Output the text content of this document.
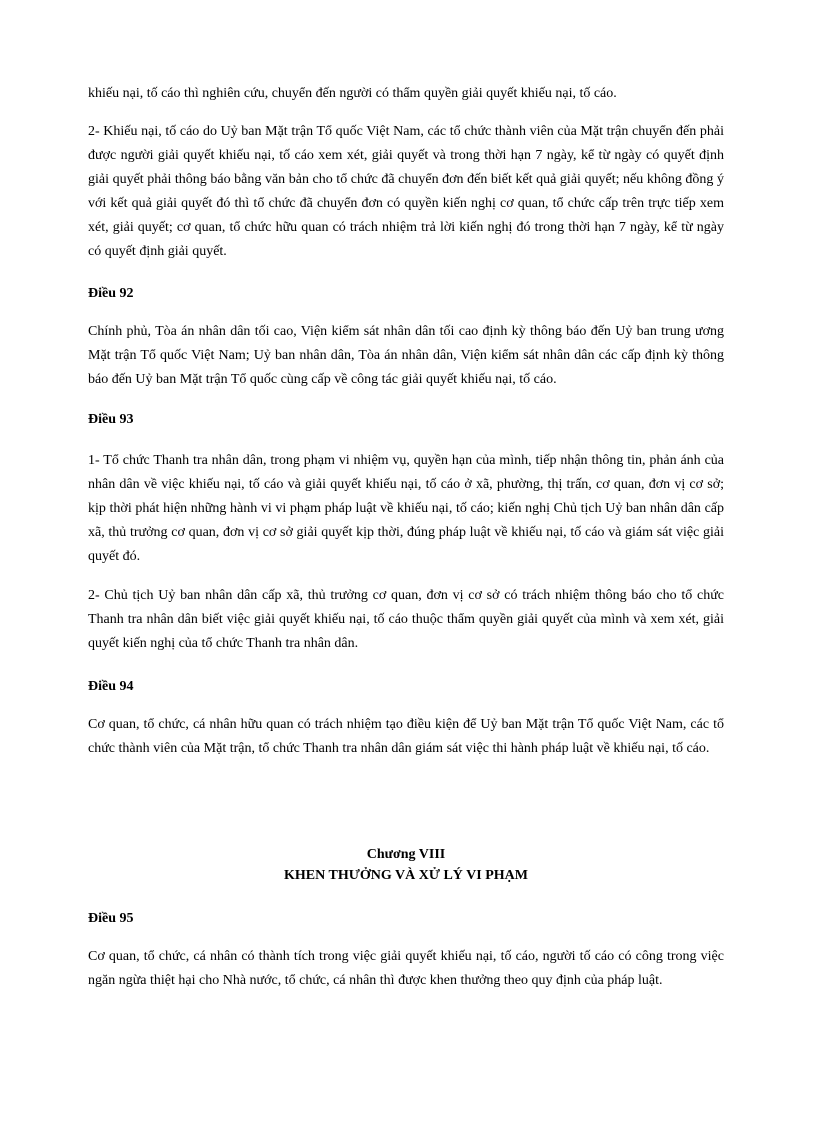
khiếu nại, tố cáo thì nghiên cứu, chuyển đến người có thẩm quyền giải quyết khiếu nại, tố cáo.

2- Khiếu nại, tố cáo do Uỷ ban Mặt trận Tổ quốc Việt Nam, các tổ chức thành viên của Mặt trận chuyển đến phải được người giải quyết khiếu nại, tố cáo xem xét, giải quyết và trong thời hạn 7 ngày, kể từ ngày có quyết định giải quyết phải thông báo bằng văn bản cho tổ chức đã chuyển đơn đến biết kết quả giải quyết; nếu không đồng ý với kết quả giải quyết đó thì tổ chức đã chuyển đơn có quyền kiến nghị cơ quan, tổ chức cấp trên trực tiếp xem xét, giải quyết; cơ quan, tổ chức hữu quan có trách nhiệm trả lời kiến nghị đó trong thời hạn 7 ngày, kể từ ngày có quyết định giải quyết.

Điều 92

Chính phủ, Tòa án nhân dân tối cao, Viện kiểm sát nhân dân tối cao định kỳ thông báo đến Uỷ ban trung ương Mặt trận Tổ quốc Việt Nam; Uỷ ban nhân dân, Tòa án nhân dân, Viện kiểm sát nhân dân các cấp định kỳ thông báo đến Uỷ ban Mặt trận Tổ quốc cùng cấp về công tác giải quyết khiếu nại, tố cáo.

Điều 93

1- Tổ chức Thanh tra nhân dân, trong phạm vi nhiệm vụ, quyền hạn của mình, tiếp nhận thông tin, phản ánh của nhân dân về việc khiếu nại, tố cáo và giải quyết khiếu nại, tố cáo ở xã, phường, thị trấn, cơ quan, đơn vị cơ sở; kịp thời phát hiện những hành vi vi phạm pháp luật về khiếu nại, tố cáo; kiến nghị Chủ tịch Uỷ ban nhân dân cấp xã, thủ trưởng cơ quan, đơn vị cơ sở giải quyết kịp thời, đúng pháp luật về khiếu nại, tố cáo và giám sát việc giải quyết đó.

2- Chủ tịch Uỷ ban nhân dân cấp xã, thủ trưởng cơ quan, đơn vị cơ sở có trách nhiệm thông báo cho tổ chức Thanh tra nhân dân biết việc giải quyết khiếu nại, tố cáo thuộc thẩm quyền giải quyết của mình và xem xét, giải quyết kiến nghị của tổ chức Thanh tra nhân dân.

Điều 94

Cơ quan, tổ chức, cá nhân hữu quan có trách nhiệm tạo điều kiện để Uỷ ban Mặt trận Tổ quốc Việt Nam, các tổ chức thành viên của Mặt trận, tổ chức Thanh tra nhân dân giám sát việc thi hành pháp luật về khiếu nại, tố cáo.

Chương VIII

KHEN THƯỞNG VÀ XỬ LÝ VI PHẠM

Điều 95

Cơ quan, tổ chức, cá nhân có thành tích trong việc giải quyết khiếu nại, tố cáo, người tố cáo có công trong việc ngăn ngừa thiệt hại cho Nhà nước, tổ chức, cá nhân thì được khen thưởng theo quy định của pháp luật.
